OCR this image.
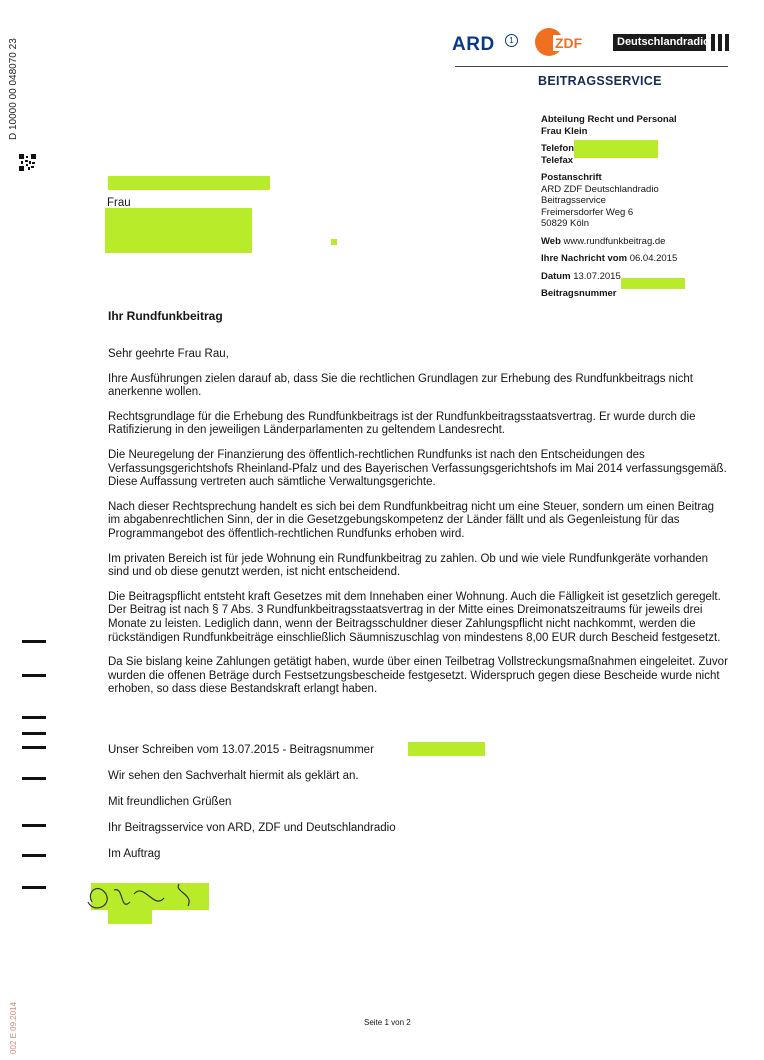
D 10000 00 048070 23
002 E 09.2014
ARD	1	ZDF	Deutschlandradio
BEITRAGSSERVICE
Abteilung Recht und Personal
Frau Klein
Telefon
Telefax
Postanschrift
ARD ZDF Deutschlandradio
Beitragsservice
Freimersdorfer Weg 6
50829 Köln
Web www.rundfunkbeitrag.de
Ihre Nachricht vom 06.04.2015
Datum 13.07.2015
Beitragsnummer
Frau
Ihr Rundfunkbeitrag

Sehr geehrte Frau Rau,

Ihre Ausführungen zielen darauf ab, dass Sie die rechtlichen Grundlagen zur Erhebung des Rundfunkbeitrags nicht anerkenne wollen.

Rechtsgrundlage für die Erhebung des Rundfunkbeitrags ist der Rundfunkbeitragsstaatsvertrag. Er wurde durch die Ratifizierung in den jeweiligen Länderparlamenten zu geltendem Landesrecht.

Die Neuregelung der Finanzierung des öffentlich-rechtlichen Rundfunks ist nach den Entscheidungen des Verfassungsgerichtshofs Rheinland-Pfalz und des Bayerischen Verfassungsgerichtshofs im Mai 2014 verfassungsgemäß. Diese Auffassung vertreten auch sämtliche Verwaltungsgerichte.

Nach dieser Rechtsprechung handelt es sich bei dem Rundfunkbeitrag nicht um eine Steuer, sondern um einen Beitrag im abgabenrechtlichen Sinn, der in die Gesetzgebungskompetenz der Länder fällt und als Gegenleistung für das Programmangebot des öffentlich-rechtlichen Rundfunks erhoben wird.

Im privaten Bereich ist für jede Wohnung ein Rundfunkbeitrag zu zahlen. Ob und wie viele Rundfunkgeräte vorhanden sind und ob diese genutzt werden, ist nicht entscheidend.

Die Beitragspflicht entsteht kraft Gesetzes mit dem Innehaben einer Wohnung. Auch die Fälligkeit ist gesetzlich geregelt. Der Beitrag ist nach § 7 Abs. 3 Rundfunkbeitragsstaatsvertrag in der Mitte eines Dreimonatszeitraums für jeweils drei Monate zu leisten. Lediglich dann, wenn der Beitragsschuldner dieser Zahlungspflicht nicht nachkommt, werden die rückständigen Rundfunkbeiträge einschließlich Säumniszuschlag von mindestens 8,00 EUR durch Bescheid festgesetzt.

Da Sie bislang keine Zahlungen getätigt haben, wurde über einen Teilbetrag Vollstreckungsmaßnahmen eingeleitet. Zuvor wurden die offenen Beträge durch Festsetzungsbescheide festgesetzt. Widerspruch gegen diese Bescheide wurde nicht erhoben, so dass diese Bestandskraft erlangt haben.

Unser Schreiben vom 13.07.2015 - Beitragsnummer

Wir sehen den Sachverhalt hiermit als geklärt an.

Mit freundlichen Grüßen

Ihr Beitragsservice von ARD, ZDF und Deutschlandradio

Im Auftrag

Seite 1 von 2
